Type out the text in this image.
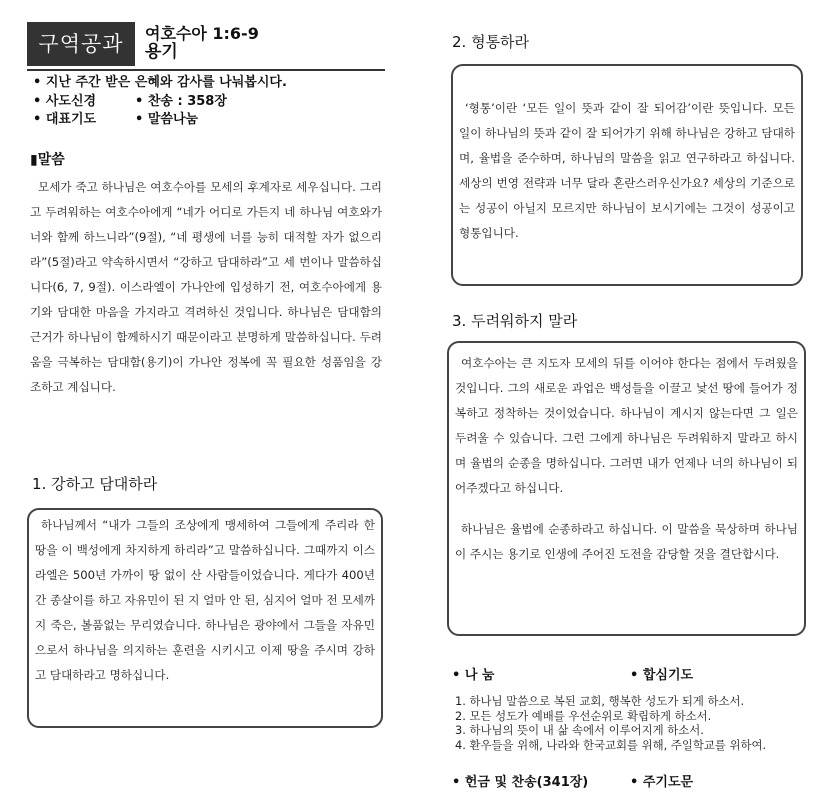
구역공과	여호수아 1:6-9
용기
• 지난 주간 받은 은혜와 감사를 나눠봅시다.
• 사도신경	• 찬송 : 358장
• 대표기도	• 말씀나눔
▮말씀
모세가 죽고 하나님은 여호수아를 모세의 후계자로 세우십니다. 그리고 두려워하는 여호수아에게 “네가 어디로 가든지 네 하나님 여호와가 너와 함께 하느니라”(9절), “네 평생에 너를 능히 대적할 자가 없으리라”(5절)라고 약속하시면서 “강하고 담대하라”고 세 번이나 말씀하십니다(6, 7, 9절). 이스라엘이 가나안에 입성하기 전, 여호수아에게 용기와 담대한 마음을 가지라고 격려하신 것입니다. 하나님은 담대함의 근거가 하나님이 함께하시기 때문이라고 분명하게 말씀하십니다. 두려움을 극복하는 담대함(용기)이 가나안 정복에 꼭 필요한 성품임을 강조하고 계십니다.
1. 강하고 담대하라
하나님께서 “내가 그들의 조상에게 맹세하여 그들에게 주리라 한 땅을 이 백성에게 차지하게 하리라”고 말씀하십니다. 그때까지 이스라엘은 500년 가까이 땅 없이 산 사람들이었습니다. 게다가 400년간 종살이를 하고 자유민이 된 지 얼마 안 된, 심지어 얼마 전 모세까지 죽은, 볼품없는 무리였습니다. 하나님은 광야에서 그들을 자유민으로서 하나님을 의지하는 훈련을 시키시고 이제 땅을 주시며 강하고 담대하라고 명하십니다.
2. 형통하라
‘형통’이란 ‘모든 일이 뜻과 같이 잘 되어감’이란 뜻입니다. 모든 일이 하나님의 뜻과 같이 잘 되어가기 위해 하나님은 강하고 담대하며, 율법을 준수하며, 하나님의 말씀을 읽고 연구하라고 하십니다. 세상의 번영 전략과 너무 달라 혼란스러우신가요? 세상의 기준으로는 성공이 아닐지 모르지만 하나님이 보시기에는 그것이 성공이고 형통입니다.
3. 두려워하지 말라
여호수아는 큰 지도자 모세의 뒤를 이어야 한다는 점에서 두려웠을 것입니다. 그의 새로운 과업은 백성들을 이끌고 낯선 땅에 들어가 정복하고 정착하는 것이었습니다. 하나님이 계시지 않는다면 그 일은 두려울 수 있습니다. 그런 그에게 하나님은 두려워하지 말라고 하시며 율법의 순종을 명하십니다. 그러면 내가 언제나 너의 하나님이 되어주겠다고 하십니다.
하나님은 율법에 순종하라고 하십니다. 이 말씀을 묵상하며 하나님이 주시는 용기로 인생에 주어진 도전을 감당할 것을 결단합시다.
• 나 눔	• 합심기도
1. 하나님 말씀으로 복된 교회, 행복한 성도가 되게 하소서.
2. 모든 성도가 예배를 우선순위로 확립하게 하소서.
3. 하나님의 뜻이 내 삶 속에서 이루어지게 하소서.
4. 환우들을 위해, 나라와 한국교회를 위해, 주일학교를 위하여.
• 헌금 및 찬송(341장)	• 주기도문
